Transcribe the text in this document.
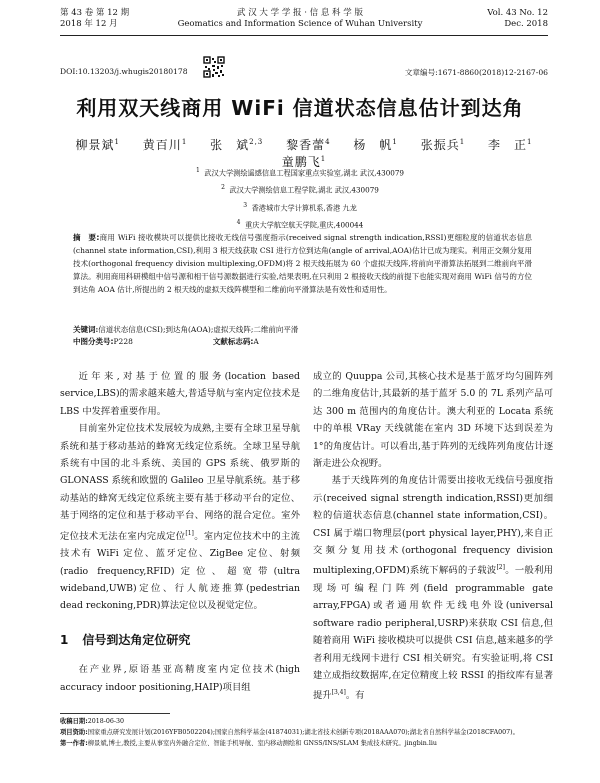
第 43 卷 第 12 期
2018 年 12 月
武 汉 大 学 学 报 · 信 息 科 学 版
Geomatics and Information Science of Wuhan University
Vol. 43 No. 12
Dec. 2018
DOI:10.13203/j.whugis20180178	文章编号:1671-8860(2018)12-2167-06
利用双天线商用 WiFi 信道状态信息估计到达角
柳景斌$^1$ 黄百川$^1$ 张　斌$^{2,3}$ 黎香蕾$^4$ 杨　帆$^1$ 张振兵$^1$ 李　正$^1$ 童鹏飞$^1$
$^1$ 武汉大学测绘遥感信息工程国家重点实验室,湖北 武汉,430079
$^2$ 武汉大学测绘信息工程学院,湖北 武汉,430079
$^3$ 香港城市大学计算机系,香港 九龙
$^4$ 重庆大学航空航天学院,重庆,400044
摘　要:商用 WiFi 接收模块可以提供比接收无线信号强度指示(received signal strength indication,RSSI)更细粒度的信道状态信息(channel state information,CSI),利用 3 根天线获取 CSI 进行方位到达角(angle of arrival,AOA)估计已成为现实。利用正交频分复用技术(orthogonal frequency division multiplexing,OFDM)将 2 根天线拓展为 60 个虚拟天线阵,将前向平滑算法拓展到二维前向平滑算法。利用商用科研模组中信号源和相干信号源数据进行实验,结果表明,在只利用 2 根接收天线的前提下也能实现对商用 WiFi 信号的方位到达角 AOA 估计,所提出的 2 根天线的虚拟天线阵模型和二维前向平滑算法是有效性和适用性。
关键词:信道状态信息(CSI);到达角(AOA);虚拟天线阵;二维前向平滑
中图分类号:P228	文献标志码:A

近年来,对基于位置的服务(location based service,LBS)的需求越来越大,普适导航与室内定位技术是 LBS 中发挥着重要作用。

目前室外定位技术发展较为成熟,主要有全球卫星导航系统和基于移动基站的蜂窝无线定位系统。全球卫星导航系统有中国的北斗系统、美国的 GPS 系统、俄罗斯的 GLONASS 系统和欧盟的 Galileo 卫星导航系统。基于移动基站的蜂窝无线定位系统主要有基于移动平台的定位、基于网络的定位和基于移动平台、网络的混合定位。室外定位技术无法在室内完成定位[1]。室内定位技术中的主流技术有 WiFi 定位、蓝牙定位、ZigBee 定位、射频(radio frequency,RFID)定位、超宽带(ultra wideband,UWB)定位、行人航迹推算(pedestrian dead reckoning,PDR)算法定位以及视觉定位。

1 信号到达角定位研究

在产业界,原语基亚高精度室内定位技术(high accuracy indoor positioning,HAIP)项目组

成立的 Quuppa 公司,其核心技术是基于蓝牙均匀圆阵列的二维角度估计,其最新的基于蓝牙 5.0 的 7L 系列产品可达 300 m 范围内的角度估计。澳大利亚的 Locata 系统中的单根 VRay 天线就能在室内 3D 环境下达到误差为 1°的角度估计。可以看出,基于阵列的无线阵列角度估计逐渐走进公众视野。

基于天线阵列的角度估计需要出接收无线信号强度指示(received signal strength indication,RSSI)更加细粒的信道状态信息(channel state information,CSI)。CSI 属于端口物理层(port physical layer,PHY),来自正交频分复用技术(orthogonal frequency division multiplexing,OFDM)系统下解码的子载波[2]。一般利用现场可编程门阵列(field programmable gate array,FPGA)或者通用软件无线电外设(universal software radio peripheral,USRP)来获取 CSI 信息,但随着商用 WiFi 接收模块可以提供 CSI 信息,越来越多的学者利用无线网卡进行 CSI 相关研究。有实验证明,将 CSI 建立成指纹数据库,在定位精度上较 RSSI 的指纹库有显著提升[3,4]。有

收稿日期:2018-06-30
项目资助:国家重点研究发展计划(2016YFB0502204);国家自然科学基金(41874031);湖北省技术创新专项(2018AAA070);湖北省自然科学基金(2018CFA007)。
第一作者:柳景斌,博士,教授,主要从事室内外融合定位、智能手机导航、室内移动测绘和 GNSS/INS/SLAM 集成技术研究。jingbin.liu
